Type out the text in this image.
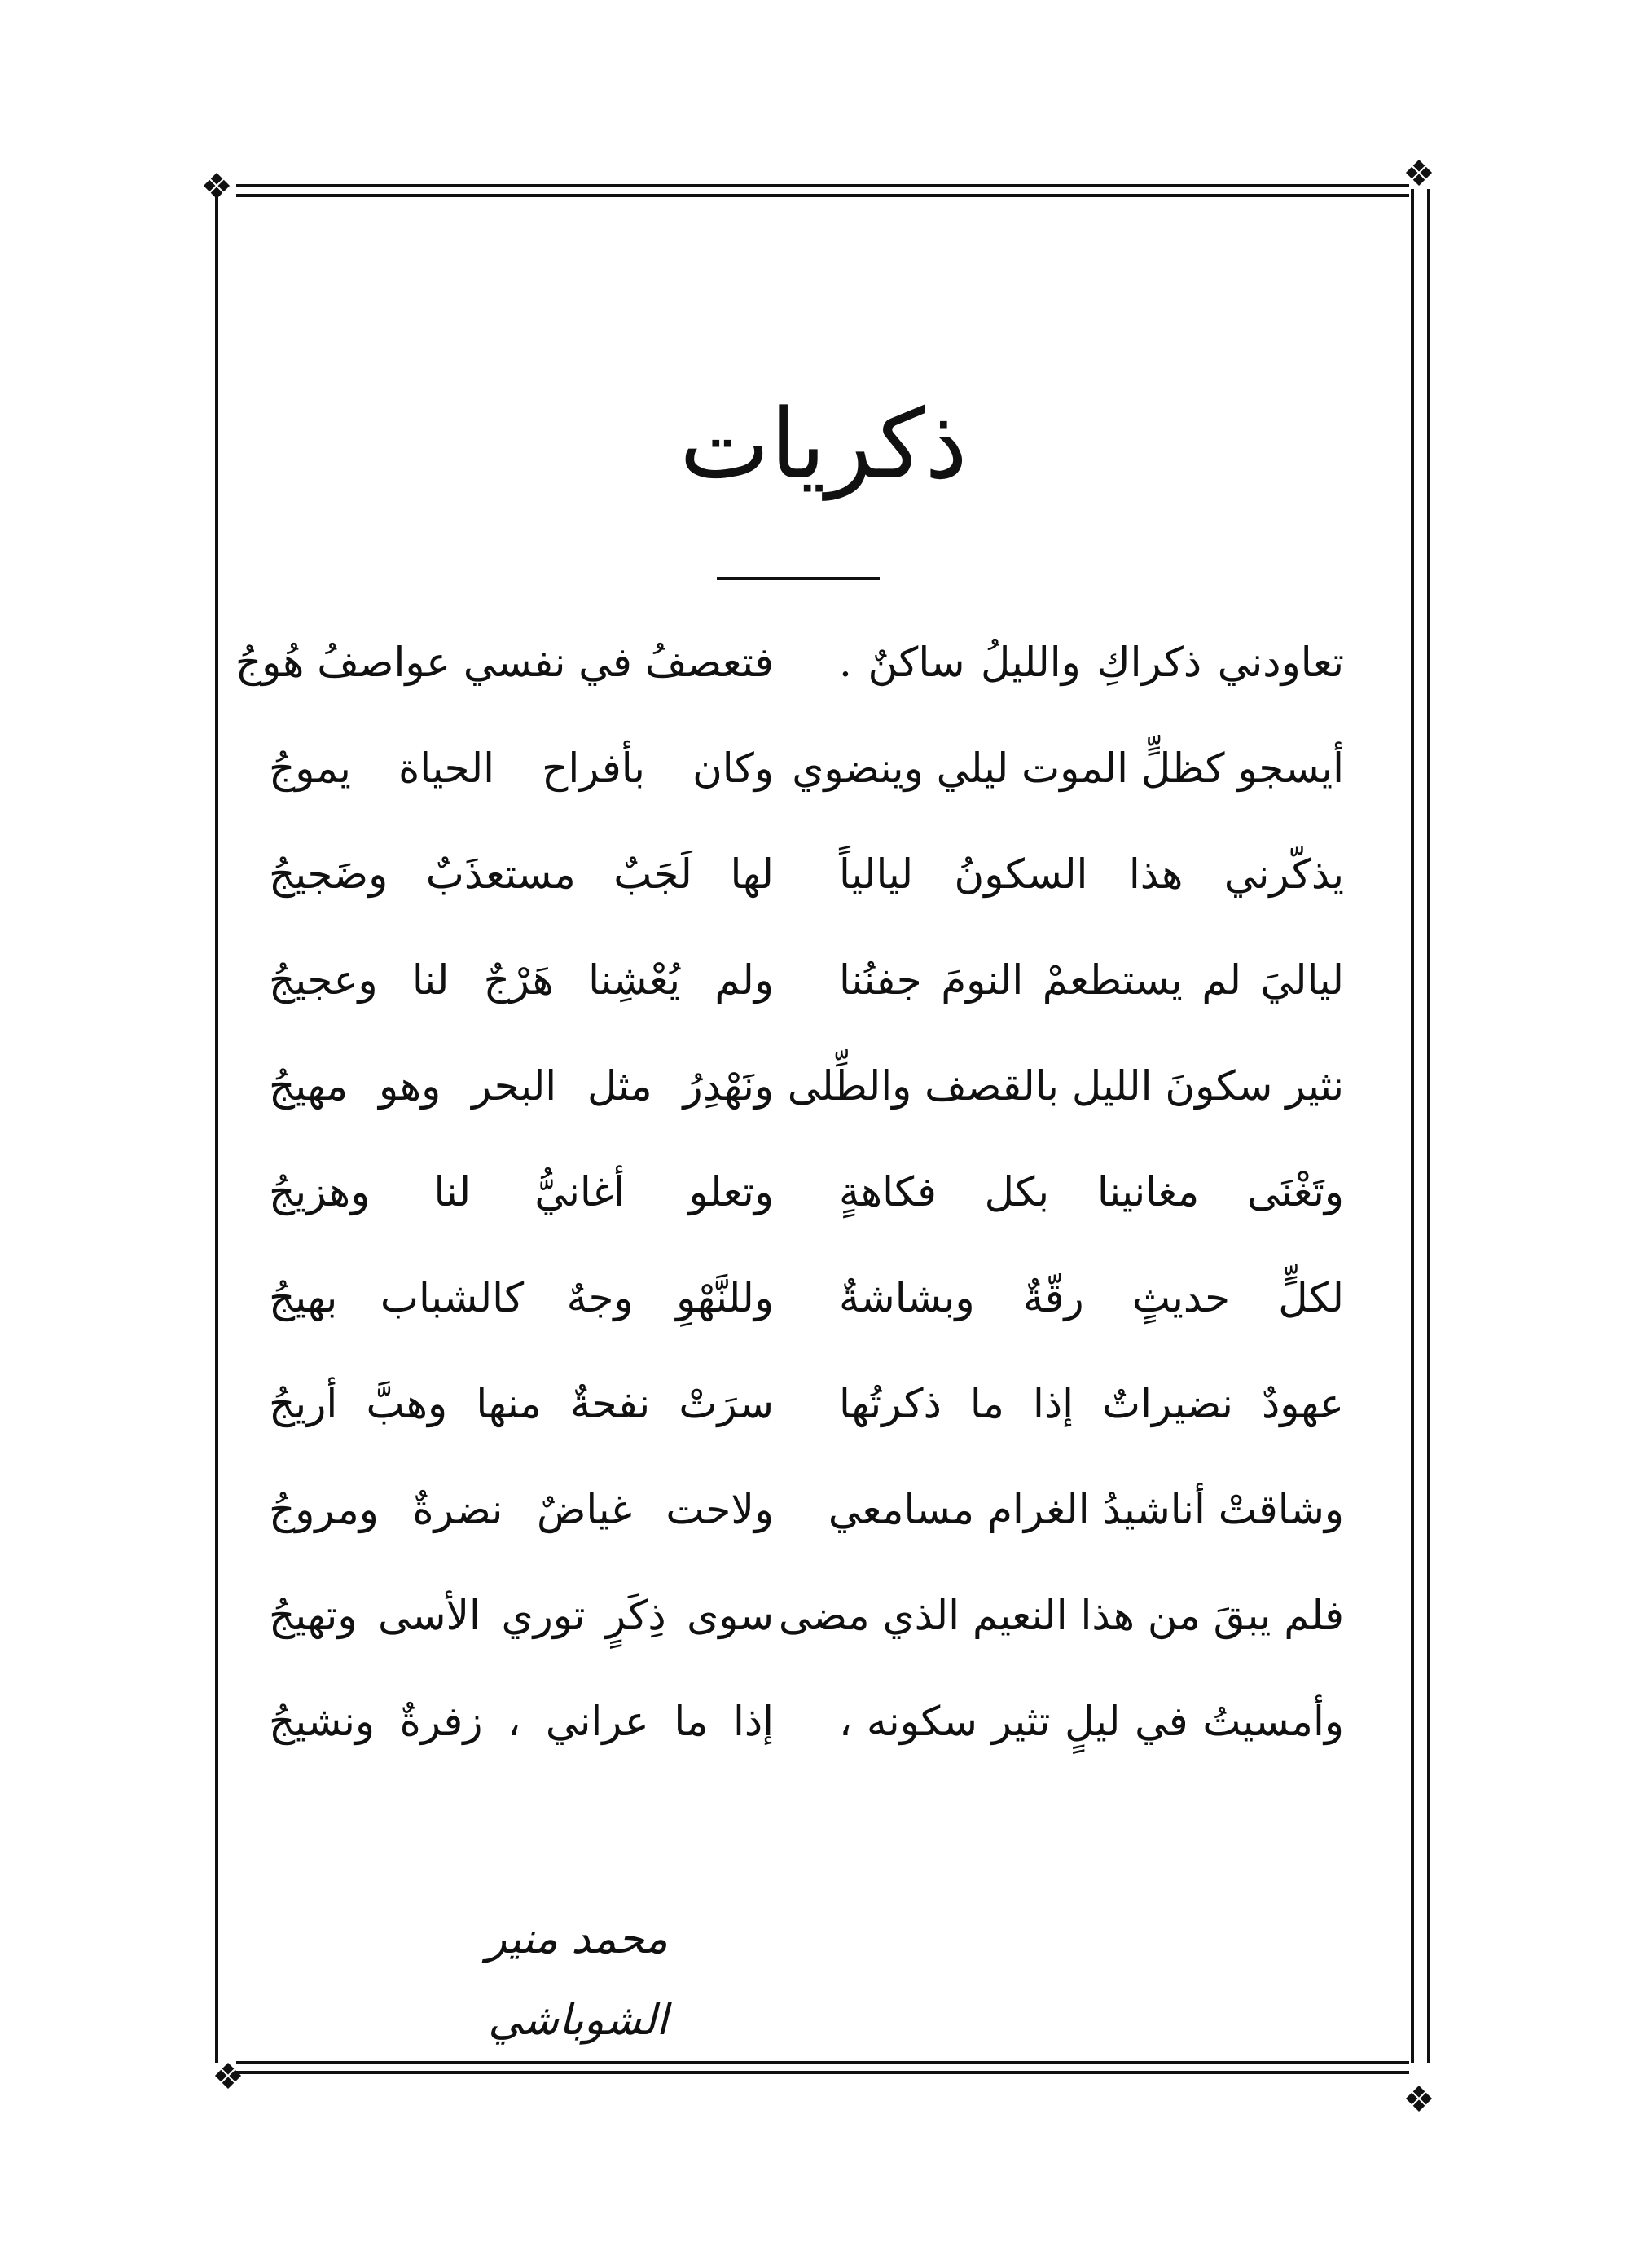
❖	❖
❖
❖
ذكريات
تعاودني ذكراكِ والليلُ ساكنٌ .
فتعصفُ في نفسي عواصفُ هُوجُ
أيسجو كظلٍّ الموت ليلي وينضوي
وكان بأفراح الحياة يموجُ
يذكّرني هذا السكونُ ليالياً
لها لَجَبٌ مستعذَبٌ وضَجيجُ
لياليَ لم يستطعمْ النومَ جفنُنا
ولم يُعْشِنا هَرْجٌ لنا وعجيجُ
نثير سكونَ الليل بالقصف والطِّلى
ونَهْدِرُ مثل البحر وهو مهيجُ
وتَغْنَى مغانينا بكل فكاهةٍ
وتعلو أغانيُّ لنا وهزيجُ
لكلٍّ حديثٍ رقّةٌ وبشاشةٌ
وللنَّهْوِ وجهٌ كالشباب بهيجُ
عهودٌ نضيراتٌ إذا ما ذكرتُها
سرَتْ نفحةٌ منها وهبَّ أريجُ
وشاقتْ أناشيدُ الغرام مسامعي
ولاحت غياضٌ نضرةٌ ومروجُ
فلم يبقَ من هذا النعيم الذي مضى
سوى ذِكَرٍ توري الأسى وتهيجُ
وأمسيتُ في ليلٍ تثير سكونه ،
إذا ما عراني ، زفرةٌ ونشيجُ
محمد منير الشوباشي
